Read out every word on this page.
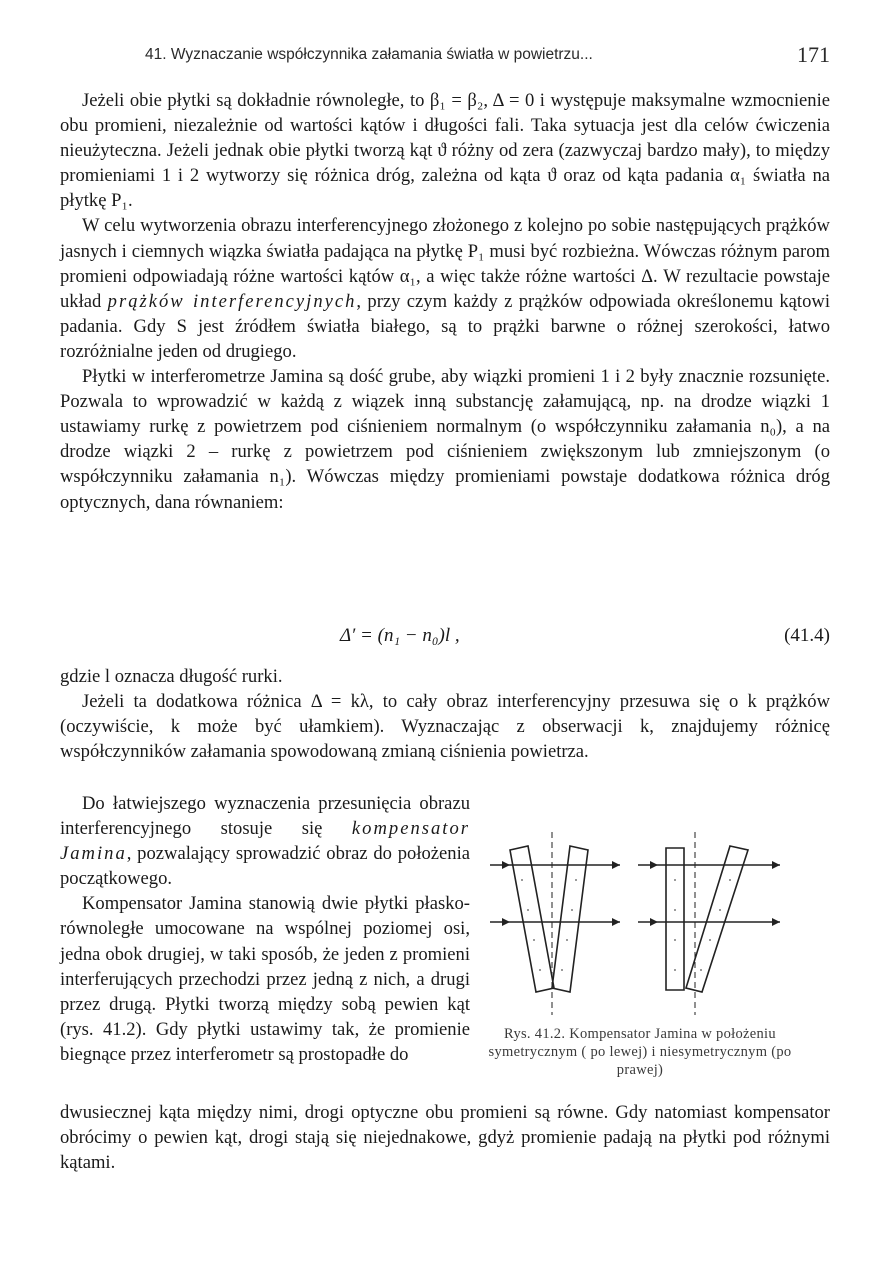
41. Wyznaczanie współczynnika załamania światła w powietrzu...	171

Jeżeli obie płytki są dokładnie równoległe, to β₁ = β₂, Δ = 0 i występuje maksymalne wzmocnienie obu promieni, niezależnie od wartości kątów i długości fali. Taka sytuacja jest dla celów ćwiczenia nieużyteczna. Jeżeli jednak obie płytki tworzą kąt ϑ różny od zera (zazwyczaj bardzo mały), to między promieniami 1 i 2 wytworzy się różnica dróg, zależna od kąta ϑ oraz od kąta padania α₁ światła na płytkę P₁.

W celu wytworzenia obrazu interferencyjnego złożonego z kolejno po sobie następujących prążków jasnych i ciemnych wiązka światła padająca na płytkę P₁ musi być rozbieżna. Wówczas różnym parom promieni odpowiadają różne wartości kątów α₁, a więc także różne wartości Δ. W rezultacie powstaje układ prążków interferencyjnych, przy czym każdy z prążków odpowiada określonemu kątowi padania. Gdy S jest źródłem światła białego, są to prążki barwne o różnej szerokości, łatwo rozróżnialne jeden od drugiego.

Płytki w interferometrze Jamina są dość grube, aby wiązki promieni 1 i 2 były znacznie rozsunięte. Pozwala to wprowadzić w każdą z wiązek inną substancję załamującą, np. na drodze wiązki 1 ustawiamy rurkę z powietrzem pod ciśnieniem normalnym (o współczynniku załamania n₀), a na drodze wiązki 2 – rurkę z powietrzem pod ciśnieniem zwiększonym lub zmniejszonym (o współczynniku załamania n₁). Wówczas między promieniami powstaje dodatkowa różnica dróg optycznych, dana równaniem:

Δ′ = (n₁ − n₀)l ,	(41.4)

gdzie l oznacza długość rurki.

Jeżeli ta dodatkowa różnica Δ = kλ, to cały obraz interferencyjny przesuwa się o k prążków (oczywiście, k może być ułamkiem). Wyznaczając z obserwacji k, znajdujemy różnicę współczynników załamania spowodowaną zmianą ciśnienia powietrza.

Do łatwiejszego wyznaczenia przesunięcia obrazu interferencyjnego stosuje się kompensator Jamina, pozwalający sprowadzić obraz do położenia początkowego.

Kompensator Jamina stanowią dwie płytki płasko-równoległe umocowane na wspólnej poziomej osi, jedna obok drugiej, w taki sposób, że jeden z promieni interferujących przechodzi przez jedną z nich, a drugi przez drugą. Płytki tworzą między sobą pewien kąt (rys. 41.2). Gdy płytki ustawimy tak, że promienie biegnące przez interferometr są prostopadłe do

dwusiecznej kąta między nimi, drogi optyczne obu promieni są równe. Gdy natomiast kompensator obrócimy o pewien kąt, drogi stają się niejednakowe, gdyż promienie padają na płytki pod różnymi kątami.

Rys. 41.2. Kompensator Jamina w położeniu symetrycznym ( po lewej) i niesymetrycznym (po prawej)
